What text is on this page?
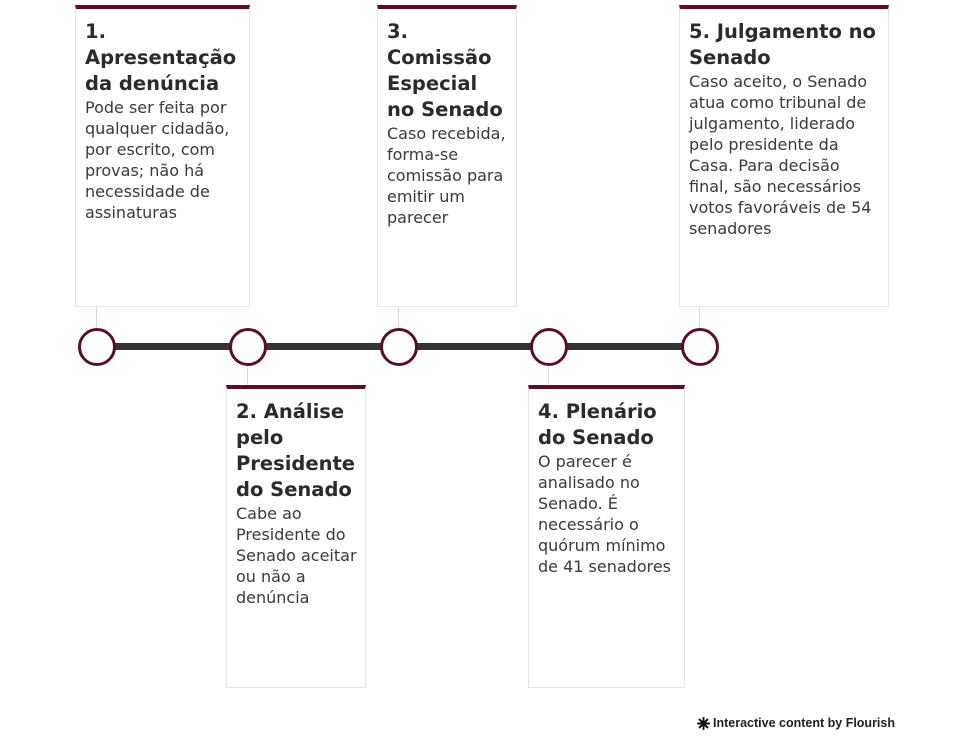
1. Apresentação da denúncia

Pode ser feita por qualquer cidadão, por escrito, com provas; não há necessidade de assinaturas

2. Análise pelo Presidente do Senado

Cabe ao Presidente do Senado aceitar ou não a denúncia

3. Comissão Especial no Senado

Caso recebida, forma-se comissão para emitir um parecer

4. Plenário do Senado

O parecer é analisado no Senado. É necessário o quórum mínimo de 41 senadores

5. Julgamento no Senado

Caso aceito, o Senado atua como tribunal de julgamento, liderado pelo presidente da Casa. Para decisão final, são necessários votos favoráveis de 54 senadores

Interactive content by Flourish
